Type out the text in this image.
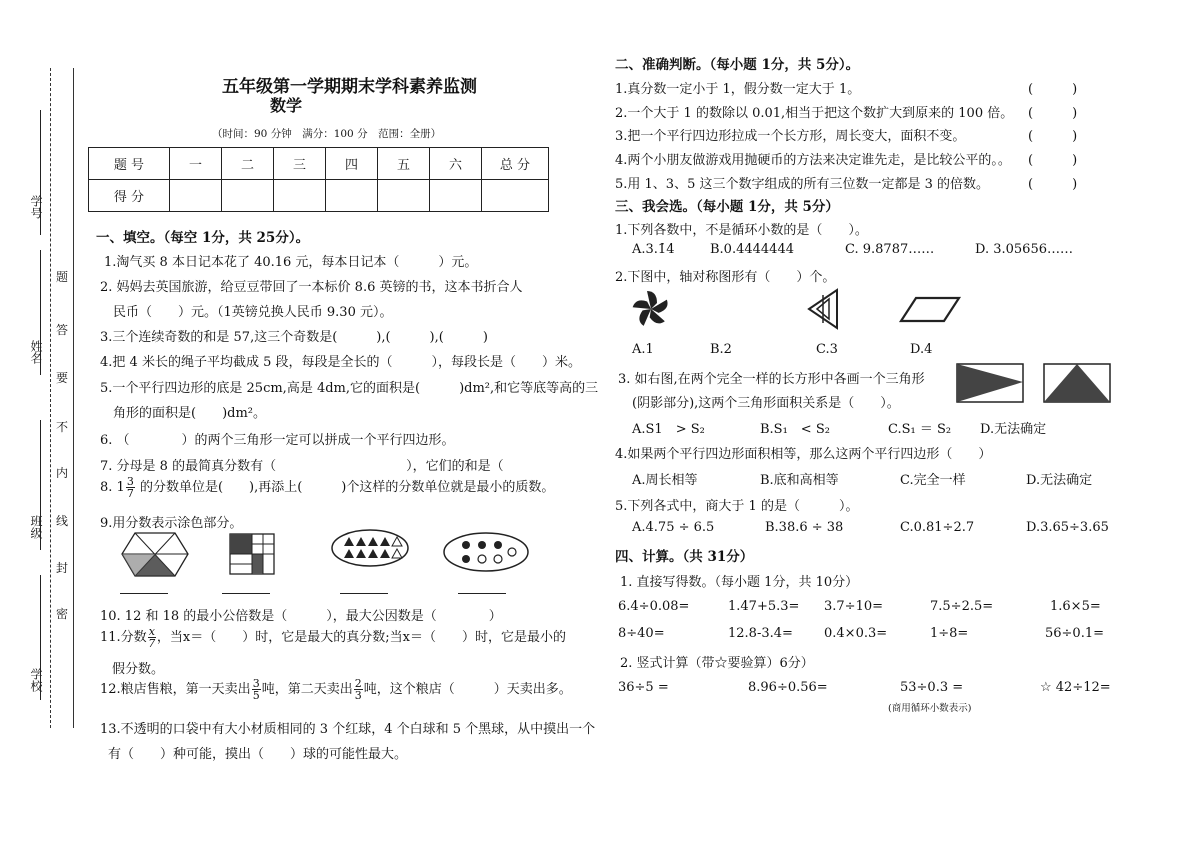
学号
姓名
班级
学校
题
答
要
不
内
线
封
密
五年级第一学期期末学科素养监测
数学
（时间：90 分钟　满分：100 分　范围：全册）
题 号	一	二	三	四	五	六	总 分
得 分							
一、填空。（每空 1分，共 25分）。
1.淘气买 8 本日记本花了 40.16 元，每本日记本（　　　）元。
2. 妈妈去英国旅游，给豆豆带回了一本标价 8.6 英镑的书，这本书折合人
民币（　　）元。（1英镑兑换人民币 9.30 元）。
3.三个连续奇数的和是 57,这三个奇数是(　　　),(　　　),(　　　)
4.把 4 米长的绳子平均截成 5 段，每段是全长的（　　　），每段长是（　　）米。
5.一个平行四边形的底是 25cm,高是 4dm,它的面积是(　　　)dm²,和它等底等高的三
角形的面积是(　　)dm²。
6. （　　　　）的两个三角形一定可以拼成一个平行四边形。
7. 分母是 8 的最简真分数有（　　　　　　　　　　），它们的和是（
8. $1 \frac{3}{7}$ 的分数单位是(　　),再添上(　　　)个这样的分数单位就是最小的质数。
9.用分数表示涂色部分。
10. 12 和 18 的最小公倍数是（　　　），最大公因数是（　　　　）
11.分数 $\frac{x}{7}$ ，当x＝（　　）时，它是最大的真分数;当x＝（　　）时，它是最小的
假分数。
12.粮店售粮，第一天卖出 $\frac{3}{5}$ 吨，第二天卖出 $\frac{2}{3}$ 吨，这个粮店（　　　）天卖出多。
13.不透明的口袋中有大小材质相同的 3 个红球，4 个白球和 5 个黑球，从中摸出一个
有（　　）种可能，摸出（　　）球的可能性最大。
二、准确判断。（每小题 1分，共 5分）。
1.真分数一定小于 1，假分数一定大于 1。	(　　　)
2.一个大于 1 的数除以 0.01,相当于把这个数扩大到原来的 100 倍。 (　　　)
3.把一个平行四边形拉成一个长方形，周长变大，面积不变。	(　　　)
4.两个小朋友做游戏用抛硬币的方法来决定谁先走，是比较公平的。。 (　　　)
5.用 1、3、5 这三个数字组成的所有三位数一定都是 3 的倍数。	(　　　)
三、我会选。（每小题 1分，共 5分）
1.下列各数中，不是循环小数的是（　　）。
A.3.1̇4̇	B.0.4444444	C. 9.8787……	D. 3.05656……
2.下图中，轴对称图形有（　　）个。
A.1	B.2	C.3	D.4
3. 如右图,在两个完全一样的长方形中各画一个三角形
(阴影部分),这两个三角形面积关系是（　　）。
A.S1　> S₂	B.S₁　< S₂	C.S₁ ＝ S₂ D.无法确定
4.如果两个平行四边形面积相等，那么这两个平行四边形（　　）
A.周长相等	B.底和高相等	C.完全一样	D.无法确定
5.下列各式中，商大于 1 的是（　　　）。
A.4.75 ÷ 6.5	B.38.6 ÷ 38	C.0.81÷2.7	D.3.65÷3.65
四、计算。（共 31分）
1. 直接写得数。（每小题 1分，共 10分）
6.4÷0.08=	1.47+5.3= 3.7÷10=	7.5÷2.5=	1.6×5=
8÷40=	12.8-3.4= 0.4×0.3=	1÷8=	56÷0.1=
2. 竖式计算（带☆要验算）6分）
36÷5 =	8.96÷0.56=	53÷0.3 =	☆ 42÷12=
(商用循环小数表示)
